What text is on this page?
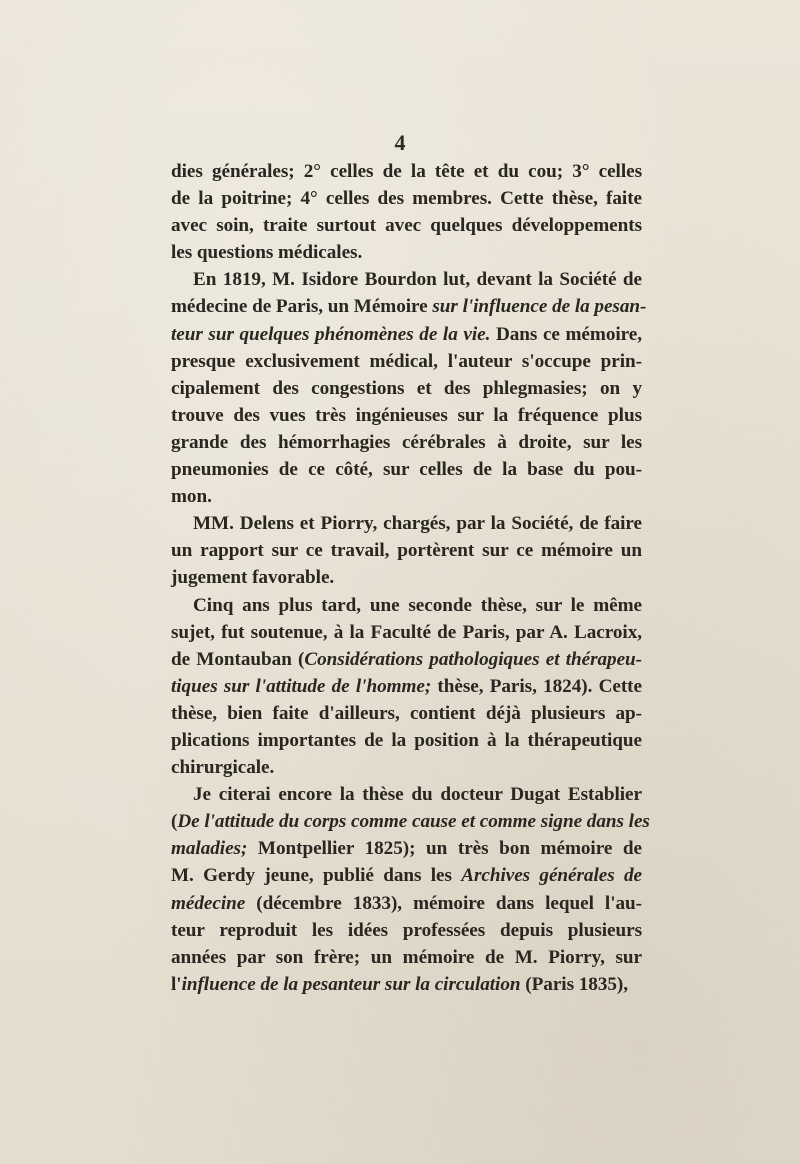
4
dies générales; 2° celles de la tête et du cou; 3° celles
de la poitrine; 4° celles des membres. Cette thèse, faite
avec soin, traite surtout avec quelques développements
les questions médicales.
En 1819, M. Isidore Bourdon lut, devant la Société de
médecine de Paris, un Mémoire sur l'influence de la pesan-
teur sur quelques phénomènes de la vie. Dans ce mémoire,
presque exclusivement médical, l'auteur s'occupe prin-
cipalement des congestions et des phlegmasies; on y
trouve des vues très ingénieuses sur la fréquence plus
grande des hémorrhagies cérébrales à droite, sur les
pneumonies de ce côté, sur celles de la base du pou-
mon.
MM. Delens et Piorry, chargés, par la Société, de faire
un rapport sur ce travail, portèrent sur ce mémoire un
jugement favorable.
Cinq ans plus tard, une seconde thèse, sur le même
sujet, fut soutenue, à la Faculté de Paris, par A. Lacroix,
de Montauban (Considérations pathologiques et thérapeu-
tiques sur l'attitude de l'homme; thèse, Paris, 1824). Cette
thèse, bien faite d'ailleurs, contient déjà plusieurs ap-
plications importantes de la position à la thérapeutique
chirurgicale.
Je citerai encore la thèse du docteur Dugat Establier
(De l'attitude du corps comme cause et comme signe dans les
maladies; Montpellier 1825); un très bon mémoire de
M. Gerdy jeune, publié dans les Archives générales de
médecine (décembre 1833), mémoire dans lequel l'au-
teur reproduit les idées professées depuis plusieurs
années par son frère; un mémoire de M. Piorry, sur
l'influence de la pesanteur sur la circulation (Paris 1835),
